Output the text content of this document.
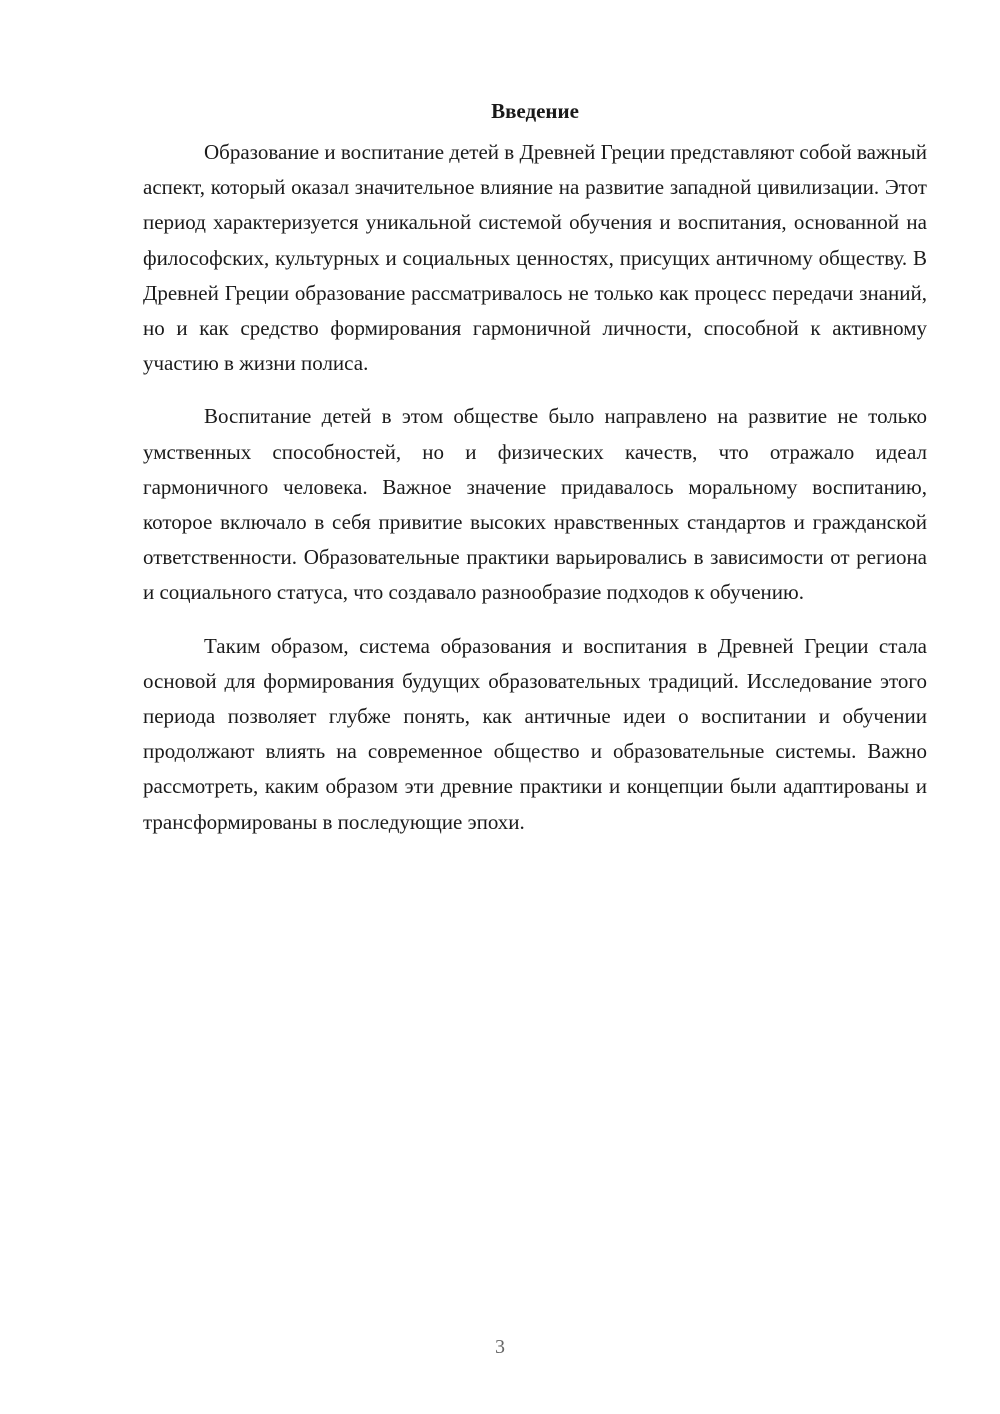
Введение

Образование и воспитание детей в Древней Греции представляют собой важный аспект, который оказал значительное влияние на развитие западной цивилизации. Этот период характеризуется уникальной системой обучения и воспитания, основанной на философских, культурных и социальных ценностях, присущих античному обществу. В Древней Греции образование рассматривалось не только как процесс передачи знаний, но и как средство формирования гармоничной личности, способной к активному участию в жизни полиса.

Воспитание детей в этом обществе было направлено на развитие не только умственных способностей, но и физических качеств, что отражало идеал гармоничного человека. Важное значение придавалось моральному воспитанию, которое включало в себя привитие высоких нравственных стандартов и гражданской ответственности. Образовательные практики варьировались в зависимости от региона и социального статуса, что создавало разнообразие подходов к обучению.

Таким образом, система образования и воспитания в Древней Греции стала основой для формирования будущих образовательных традиций. Исследование этого периода позволяет глубже понять, как античные идеи о воспитании и обучении продолжают влиять на современное общество и образовательные системы. Важно рассмотреть, каким образом эти древние практики и концепции были адаптированы и трансформированы в последующие эпохи.

3
